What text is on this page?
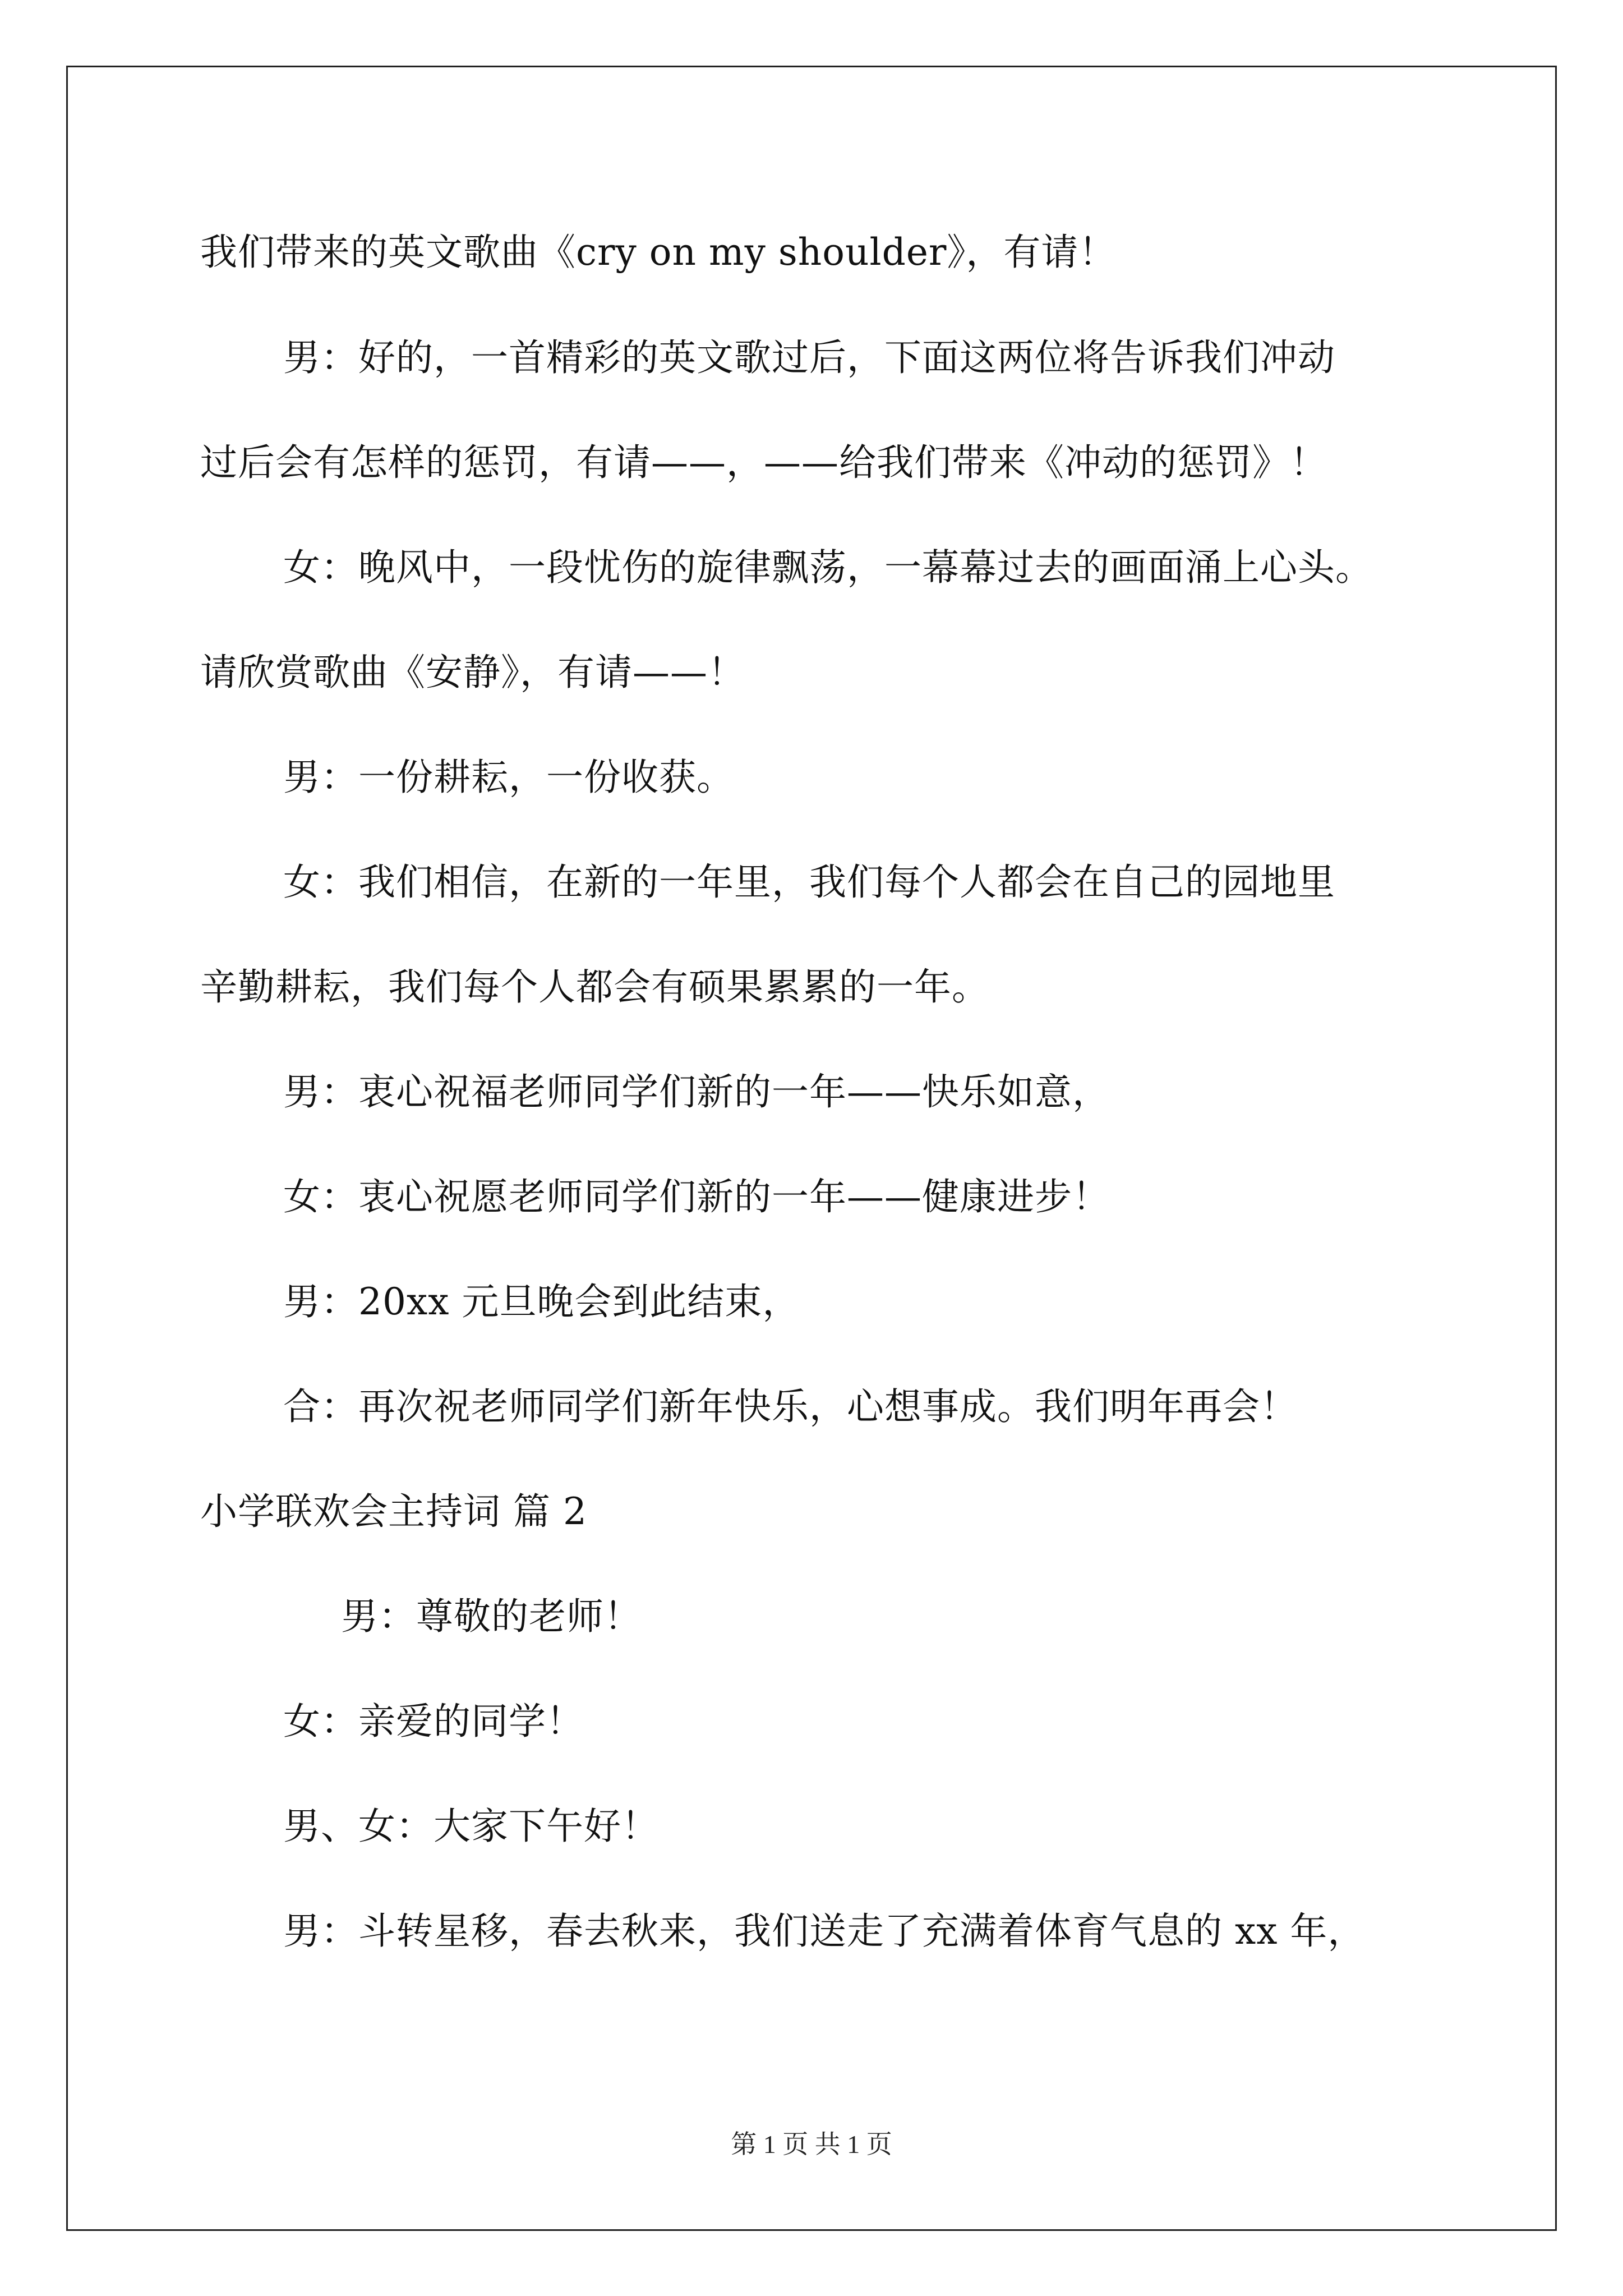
我们带来的英文歌曲《cry on my shoulder》，有请！
男：好的，一首精彩的英文歌过后，下面这两位将告诉我们冲动
过后会有怎样的惩罚，有请——，——给我们带来《冲动的惩罚》！
女：晚风中，一段忧伤的旋律飘荡，一幕幕过去的画面涌上心头。
请欣赏歌曲《安静》，有请——！
男：一份耕耘，一份收获。
女：我们相信，在新的一年里，我们每个人都会在自己的园地里
辛勤耕耘，我们每个人都会有硕果累累的一年。
男：衷心祝福老师同学们新的一年——快乐如意，
女：衷心祝愿老师同学们新的一年——健康进步！
男：20xx 元旦晚会到此结束，
合：再次祝老师同学们新年快乐，心想事成。我们明年再会！
小学联欢会主持词 篇 2
男：尊敬的老师！
女：亲爱的同学！
男、女：大家下午好！
男：斗转星移，春去秋来，我们送走了充满着体育气息的 xx 年，
第 1 页 共 1 页
